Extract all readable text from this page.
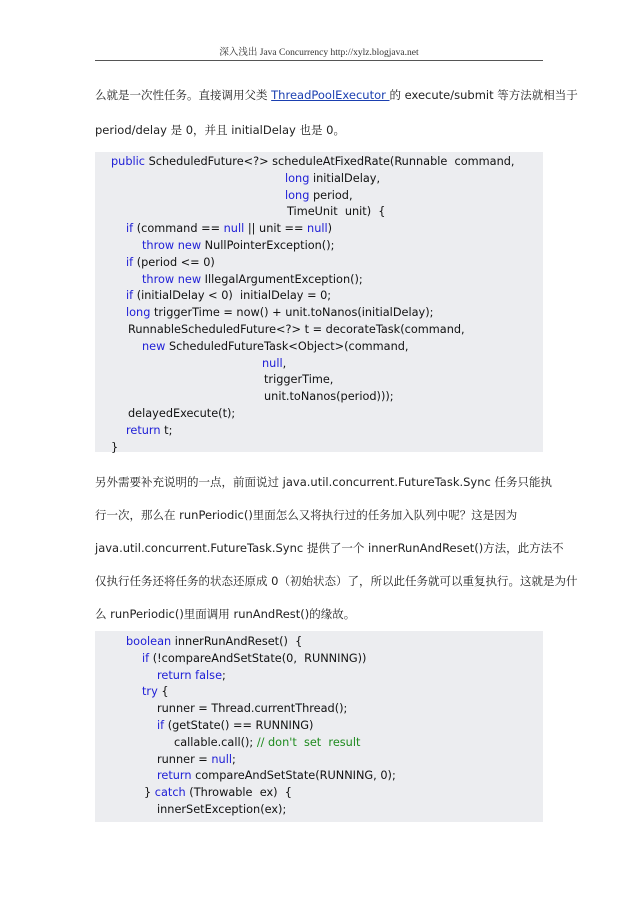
深入浅出 Java Concurrency http://xylz.blogjava.net
么就是一次性任务。直接调用父类 ThreadPoolExecutor 的 execute/submit 等方法就相当于
period/delay 是 0，并且 initialDelay 也是 0。
public ScheduledFuture<?> scheduleAtFixedRate(Runnable  command,
long initialDelay,
long period,
TimeUnit  unit)  {
if (command == null || unit == null)
throw new NullPointerException();
if (period <= 0)
throw new IllegalArgumentException();
if (initialDelay < 0)  initialDelay = 0;
long triggerTime = now() + unit.toNanos(initialDelay);
RunnableScheduledFuture<?> t = decorateTask(command,
new ScheduledFutureTask<Object>(command,
null,
triggerTime,
unit.toNanos(period)));
delayedExecute(t);
return t;
}
另外需要补充说明的一点，前面说过 java.util.concurrent.FutureTask.Sync 任务只能执
行一次，那么在 runPeriodic()里面怎么又将执行过的任务加入队列中呢？这是因为
java.util.concurrent.FutureTask.Sync 提供了一个 innerRunAndReset()方法，此方法不
仅执行任务还将任务的状态还原成 0（初始状态）了，所以此任务就可以重复执行。这就是为什
么 runPeriodic()里面调用 runAndRest()的缘故。
boolean innerRunAndReset()  {
if (!compareAndSetState(0,  RUNNING))
return false;
try {
runner = Thread.currentThread();
if (getState() == RUNNING)
callable.call(); // don't  set  result
runner = null;
return compareAndSetState(RUNNING, 0);
} catch (Throwable  ex)  {
innerSetException(ex);
